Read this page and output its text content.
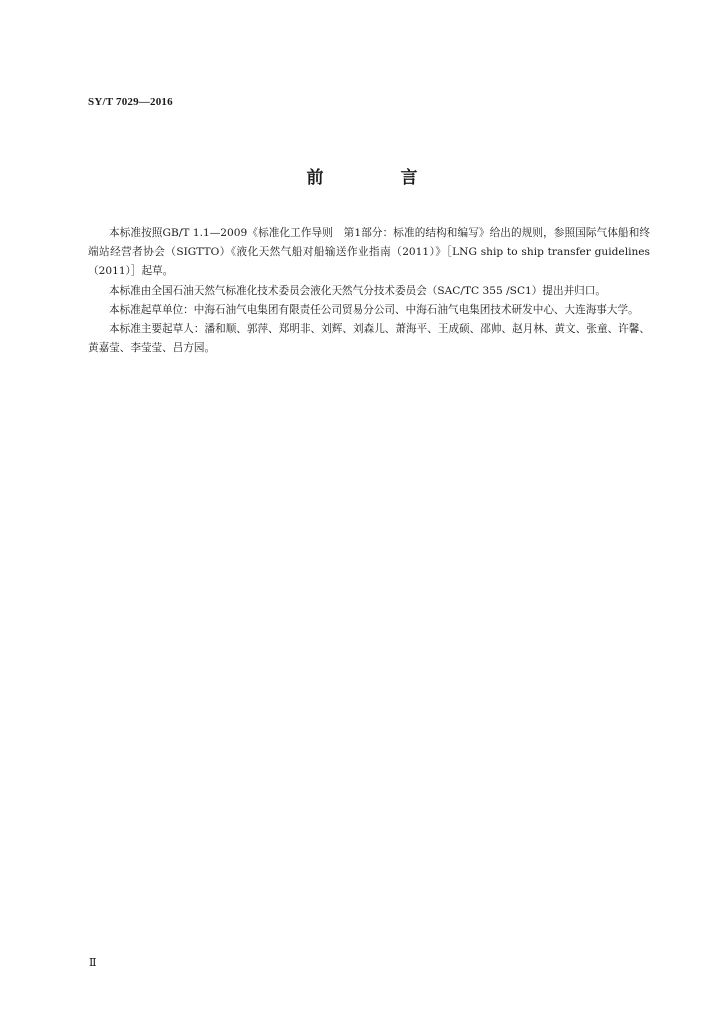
SY/T 7029—2016
前　言

本标准按照GB/T 1.1—2009《标准化工作导则　第1部分：标准的结构和编写》给出的规则，参照国际气体船和终端站经营者协会（SIGTTO）《液化天然气船对船输送作业指南（2011）》［LNG ship to ship transfer guidelines（2011）］起草。

本标准由全国石油天然气标准化技术委员会液化天然气分技术委员会（SAC/TC 355 /SC1）提出并归口。

本标准起草单位：中海石油气电集团有限责任公司贸易分公司、中海石油气电集团技术研发中心、大连海事大学。

本标准主要起草人：潘和顺、郭萍、郑明非、刘辉、刘森儿、萧海平、王成硕、邵帅、赵月林、黄文、张童、许馨、黄嘉莹、李莹莹、吕方园。

Ⅱ
